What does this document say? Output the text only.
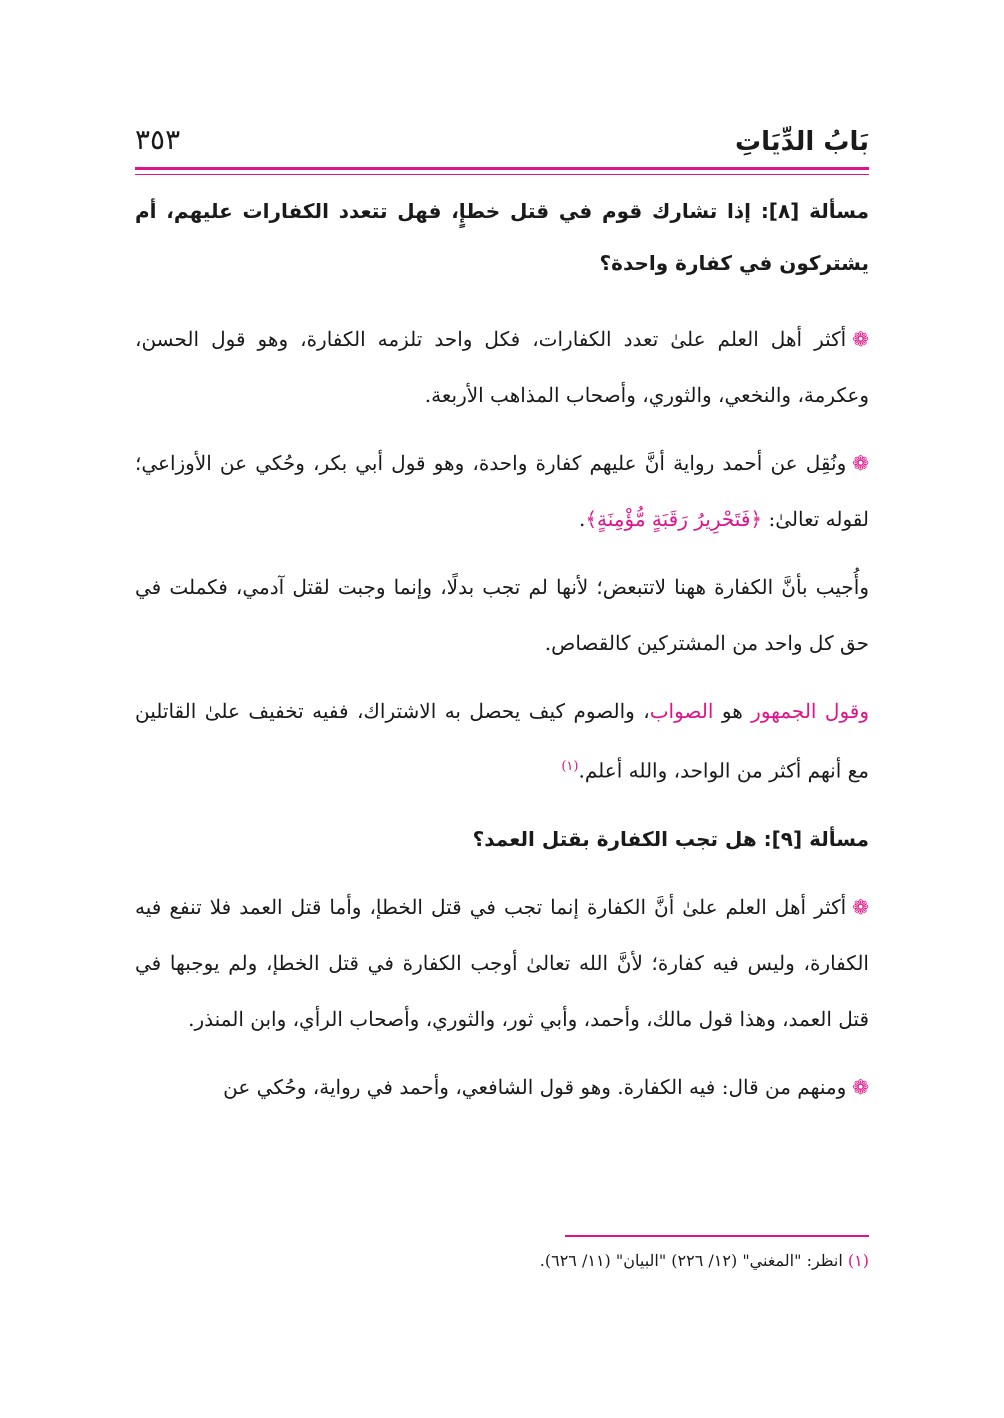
بَابُ الدِّيَاتِ
٣٥٣
مسألة [٨]: إذا تشارك قوم في قتل خطإٍ، فهل تتعدد الكفارات عليهم، أم يشتركون في كفارة واحدة؟
❁أكثر أهل العلم علىٰ تعدد الكفارات، فكل واحد تلزمه الكفارة، وهو قول الحسن، وعكرمة، والنخعي، والثوري، وأصحاب المذاهب الأربعة.
❁ونُقِل عن أحمد رواية أنَّ عليهم كفارة واحدة، وهو قول أبي بكر، وحُكي عن الأوزاعي؛ لقوله تعالىٰ: ﴿فَتَحْرِيرُ رَقَبَةٍ مُّؤْمِنَةٍ﴾.
وأُجيب بأنَّ الكفارة ههنا لاتتبعض؛ لأنها لم تجب بدلًا، وإنما وجبت لقتل آدمي، فكملت في حق كل واحد من المشتركين كالقصاص.
وقول الجمهور هو الصواب، والصوم كيف يحصل به الاشتراك، ففيه تخفيف علىٰ القاتلين مع أنهم أكثر من الواحد، والله أعلم.$^{(١)}$
مسألة [٩]: هل تجب الكفارة بقتل العمد؟
❁أكثر أهل العلم علىٰ أنَّ الكفارة إنما تجب في قتل الخطإ، وأما قتل العمد فلا تنفع فيه الكفارة، وليس فيه كفارة؛ لأنَّ الله تعالىٰ أوجب الكفارة في قتل الخطإ، ولم يوجبها في قتل العمد، وهذا قول مالك، وأحمد، وأبي ثور، والثوري، وأصحاب الرأي، وابن المنذر.
❁ومنهم من قال: فيه الكفارة. وهو قول الشافعي، وأحمد في رواية، وحُكي عن
(١) انظر: "المغني" (١٢/ ٢٢٦) "البيان" (١١/ ٦٢٦).
